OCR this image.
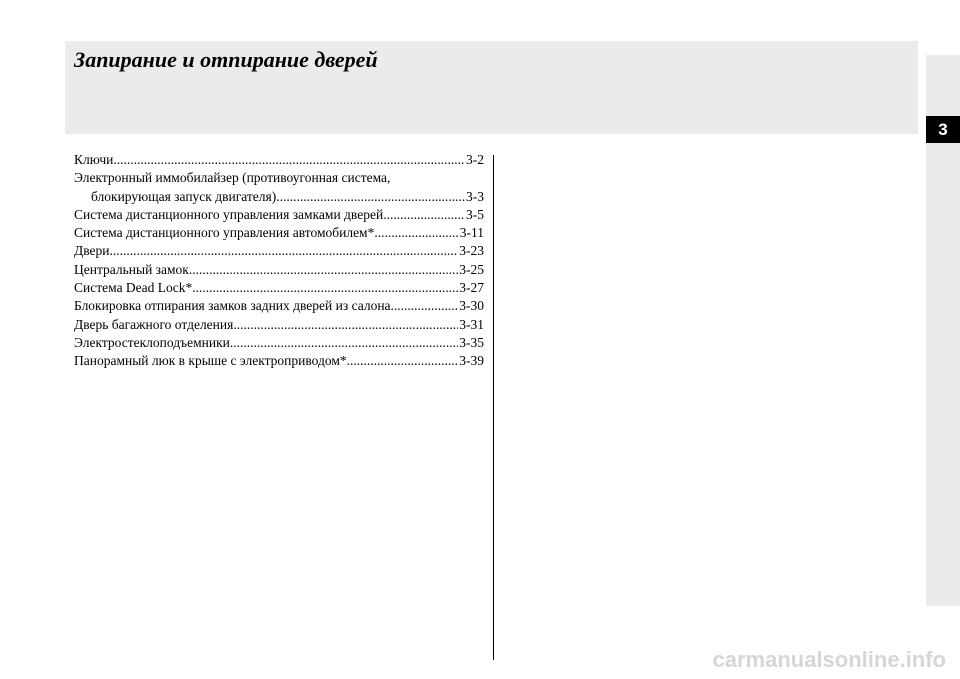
Запирание и отпирание дверей
3
Ключи .....	3-2
Электронный иммобилайзер (противоугонная система,
блокирующая запуск двигателя) .....	3-3
Система дистанционного управления замками дверей .....	3-5
Система дистанционного управления автомобилем* .....	3-11
Двери .....	3-23
Центральный замок .....	3-25
Система Dead Lock* .....	3-27
Блокировка отпирания замков задних дверей из салона .....	3-30
Дверь багажного отделения .....	3-31
Электростеклоподъемники .....	3-35
Панорамный люк в крыше с электроприводом* .....	3-39
carmanualsonline.info
